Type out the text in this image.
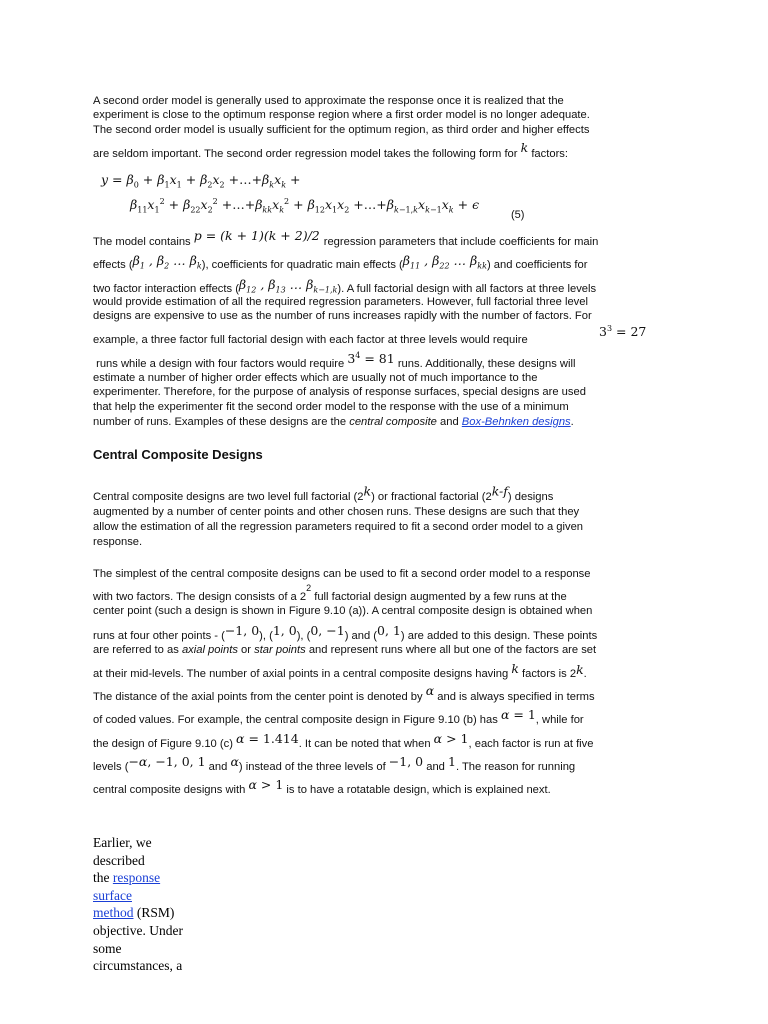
A second order model is generally used to approximate the response once it is realized that the

experiment is close to the optimum response region where a first order model is no longer adequate.

The second order model is usually sufficient for the optimum region, as third order and higher effects

are seldom important. The second order regression model takes the following form for k factors:

$y = \beta_0 + \beta_1x_1 + \beta_2x_2$ $+\dots+\beta_kx_k$ +
$\beta_{11}x_1^2 + \beta_{22}x_2^2$ $+\dots+\beta_{kk}x_k^2 + \beta_{12}x_1x_2$ $+\dots+\beta_{k-1,k}x_{k-1}x_k + \epsilon$
(5)

The model contains p = (k + 1)(k + 2)/2 regression parameters that include coefficients for main

effects ($\beta_1$ , $\beta_2$ … $\beta_k$), coefficients for quadratic main effects ($\beta_{11}$ , $\beta_{22}$ … $\beta_{kk}$) and coefficients for

two factor interaction effects ($\beta_{12}$ , $\beta_{13}$ … $\beta_{k-1,k}$). A full factorial design with all factors at three levels

would provide estimation of all the required regression parameters. However, full factorial three level

designs are expensive to use as the number of runs increases rapidly with the number of factors. For

example, a three factor full factorial design with each factor at three levels would require
$3^3 = 27$

runs while a design with four factors would require $3^4 = 81$ runs. Additionally, these designs will

estimate a number of higher order effects which are usually not of much importance to the

experimenter. Therefore, for the purpose of analysis of response surfaces, special designs are used

that help the experimenter fit the second order model to the response with the use of a minimum

number of runs. Examples of these designs are the central composite and Box-Behnken designs.

Central Composite Designs

Central composite designs are two level full factorial (2$^k$) or fractional factorial (2$^{k-f}$) designs

augmented by a number of center points and other chosen runs. These designs are such that they

allow the estimation of all the regression parameters required to fit a second order model to a given

response.

The simplest of the central composite designs can be used to fit a second order model to a response

with two factors. The design consists of a $2^2$ full factorial design augmented by a few runs at the

center point (such a design is shown in Figure 9.10 (a)). A central composite design is obtained when

runs at four other points - (−1, 0), (1, 0), (0, −1) and (0, 1) are added to this design. These points

are referred to as axial points or star points and represent runs where all but one of the factors are set

at their mid-levels. The number of axial points in a central composite designs having k factors is 2k.

The distance of the axial points from the center point is denoted by α and is always specified in terms

of coded values. For example, the central composite design in Figure 9.10 (b) has α = 1, while for

the design of Figure 9.10 (c) α = 1.414. It can be noted that when α > 1, each factor is run at five

levels (−α, −1, 0, 1 and α) instead of the three levels of −1, 0 and 1. The reason for running

central composite designs with α > 1 is to have a rotatable design, which is explained next.

Earlier, we
described
the response
surface
method (RSM)
objective. Under
some
circumstances, a
